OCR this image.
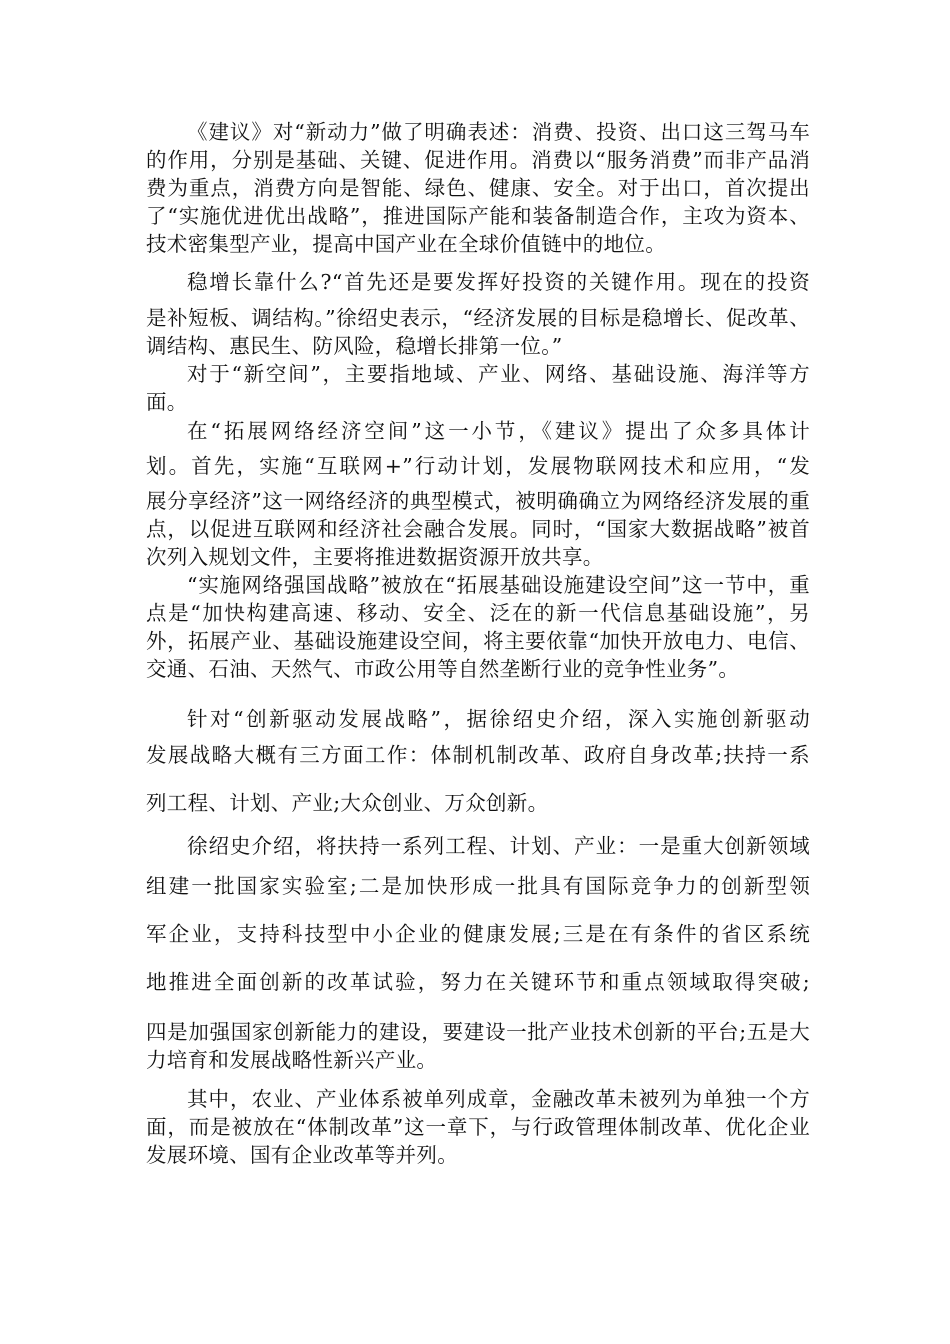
《建议》对“新动力”做了明确表述：消费、投资、出口这三驾马车的作用，分别是基础、关键、促进作用。消费以“服务消费”而非产品消费为重点，消费方向是智能、绿色、健康、安全。对于出口，首次提出了“实施优进优出战略”，推进国际产能和装备制造合作，主攻为资本、技术密集型产业，提高中国产业在全球价值链中的地位。

稳增长靠什么?“首先还是要发挥好投资的关键作用。现在的投资

是补短板、调结构。”徐绍史表示，“经济发展的目标是稳增长、促改革、调结构、惠民生、防风险，稳增长排第一位。”

对于“新空间”，主要指地域、产业、网络、基础设施、海洋等方面。

在“拓展网络经济空间”这一小节，《建议》提出了众多具体计

划。首先，实施“互联网+”行动计划，发展物联网技术和应用，“发

展分享经济”这一网络经济的典型模式，被明确确立为网络经济发展的重点，以促进互联网和经济社会融合发展。同时，“国家大数据战略”被首次列入规划文件，主要将推进数据资源开放共享。

“实施网络强国战略”被放在“拓展基础设施建设空间”这一节中，重点是“加快构建高速、移动、安全、泛在的新一代信息基础设施”，另外，拓展产业、基础设施建设空间，将主要依靠“加快开放电力、电信、交通、石油、天然气、市政公用等自然垄断行业的竞争性业务”。

针对“创新驱动发展战略”，据徐绍史介绍，深入实施创新驱动

发展战略大概有三方面工作：体制机制改革、政府自身改革;扶持一系

列工程、计划、产业;大众创业、万众创新。

徐绍史介绍，将扶持一系列工程、计划、产业：一是重大创新领域

组建一批国家实验室;二是加快形成一批具有国际竞争力的创新型领

军企业，支持科技型中小企业的健康发展;三是在有条件的省区系统

地推进全面创新的改革试验，努力在关键环节和重点领域取得突破;

四是加强国家创新能力的建设，要建设一批产业技术创新的平台;五是大力培育和发展战略性新兴产业。

其中，农业、产业体系被单列成章，金融改革未被列为单独一个方面，而是被放在“体制改革”这一章下，与行政管理体制改革、优化企业发展环境、国有企业改革等并列。
